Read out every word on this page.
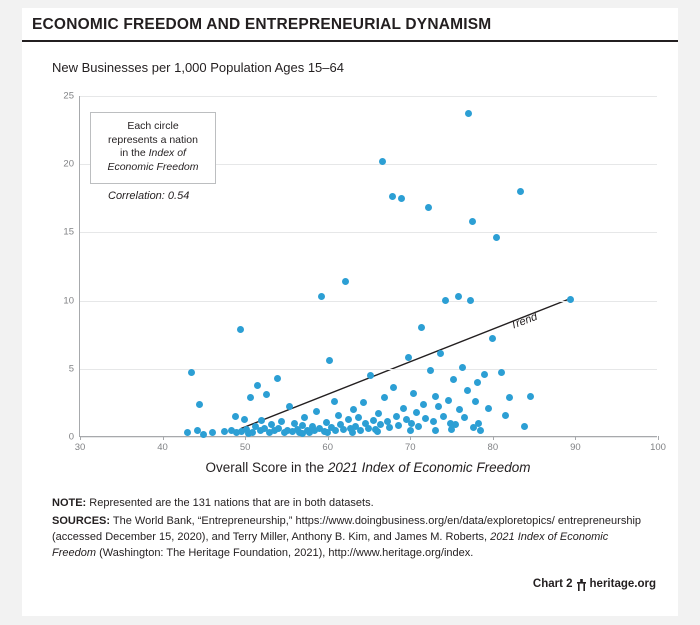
ECONOMIC FREEDOM AND ENTREPRENEURIAL DYNAMISM
New Businesses per 1,000 Population Ages 15–64
0
5
10
15
20
25
30	40	50	60	70	80	90	100
Trend
Each circle
represents a nation
in the Index of
Economic Freedom
Correlation: 0.54
Overall Score in the 2021 Index of Economic Freedom
NOTE: Represented are the 131 nations that are in both datasets.
SOURCES: The World Bank, “Entrepreneurship,” https://www.doingbusiness.org/en/data/exploretopics/ entrepreneurship (accessed December 15, 2020), and Terry Miller, Anthony B. Kim, and James M. Roberts, 2021 Index of Economic Freedom (Washington: The Heritage Foundation, 2021), http://www.heritage.org/index.
Chart 2 heritage.org
